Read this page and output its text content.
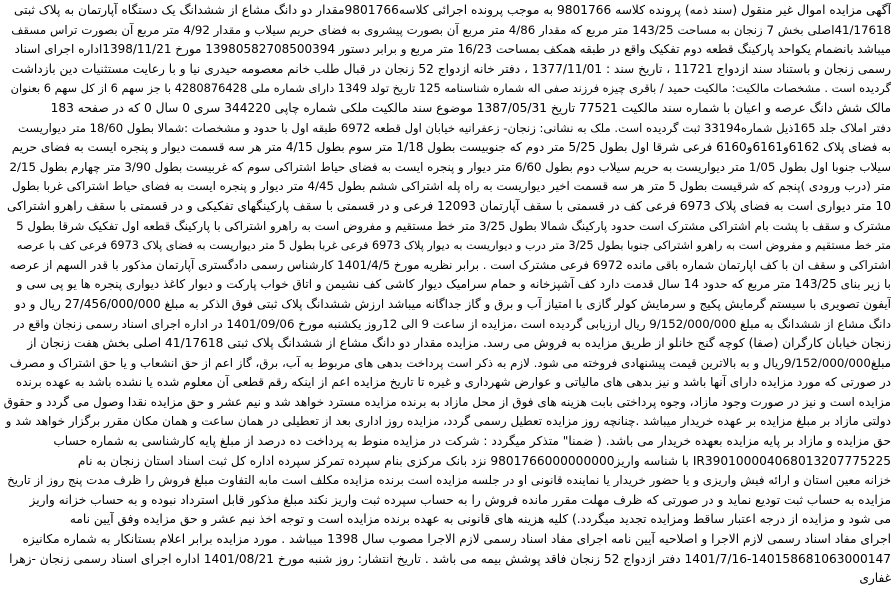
آگهی مزایده اموال غیر منقول (سند ذمه) پرونده کلاسه 9801766 به موجب پرونده اجرائی کلاسه9801766مقدار دو دانگ مشاع از ششدانگ یک دستگاه آپارتمان به پلاک ثبتی
41/17618اصلی بخش 7 زنجان به مساحت 143/25 متر مربع که مقدار 4/86 متر مربع آن بصورت پیشروی به فضای حریم سیلاب و مقدار 4/92 متر مربع آن بصورت تراس مسقف
میباشد بانضمام یکواحد پارکینگ قطعه دوم تفکیک واقع در طبقه همکف بمساحت 16/23 متر مربع و برابر دستور 13980582708500394 مورخ 1398/11/21اداره اجرای اسناد
رسمی زنجان و باستناد سند ازدواج 11721 ، تاریخ سند : 1377/11/01 ، دفتر خانه ازدواج 52 زنجان در قبال طلب خانم معصومه حیدری نیا و با رعایت مستثنیات دین بازداشت
گردیده است . مشخصات مالکیت: مالکیت حمید / باقری چیزه فرزند صفی اله شماره شناسنامه 125 تاریخ تولد 1349 دارای شماره ملی 4280876428 با جز سهم 6 از کل سهم 6 بعنوان
مالک شش دانگ عرصه و اعیان با شماره سند مالکیت 77521 تاریخ 1387/05/31 موضوع سند مالکیت ملکی شماره چاپی 344220 سری 0 سال 0 که در صفحه 183
دفتر املاک جلد 165ذیل شماره33194 ثبت گردیده است. ملک به نشانی: زنجان- زعفرانیه خیابان اول قطعه 6972 طبقه اول با حدود و مشخصات :شمالا بطول 18/60 متر دیواریست
به فضای پلاک 6162و6161و6160 فرعی شرقا اول بطول 5/25 متر دوم که جنوبیست بطول 1/18 متر سوم بطول 4/15 متر هر سه قسمت دیوار و پنجره ایست به فضای حریم
سیلاب جنوبا اول بطول 1/05 متر دیواریست به حریم سیلاب دوم بطول 6/60 متر دیوار و پنجره ایست به فضای حیاط اشتراکی سوم که غربیست بطول 3/90 متر چهارم بطول 2/15
متر (درب ورودی )پنجم که شرقیست بطول 5 متر هر سه قسمت اخیر دیواریست به راه پله اشتراکی ششم بطول 4/45 متر دیوار و پنجره ایست به فضای حیاط اشتراکی غربا بطول
10 متر دیواری است به فضای پلاک 6973 فرعی کف در قسمتی با سقف آپارتمان 12093 فرعی و در قسمتی با سقف پارکینگهای تفکیکی و در قسمتی با سقف راهرو اشتراکی
مشترک و سقف با پشت بام اشتراکی مشترک است حدود پارکینگ شمالا بطول 3/25 متر خط مستقیم و مفروض است به راهرو اشتراکی با پارکینگ قطعه اول تفکیک شرقا بطول 5
متر خط مستقیم و مفروض است به راهرو اشتراکی جنوبا بطول 3/25 متر درب و دیواریست به دیوار پلاک 6973 فرعی غربا بطول 5 متر دیواریست به فضای پلاک 6973 فرعی کف با عرصه
اشتراکی و سقف ان با کف اپارتمان شماره باقی مانده 6972 فرعی مشترک است . برابر نظریه مورخ 1401/4/5 کارشناس رسمی دادگستری آپارتمان مذکور با قدر السهم از عرصه
با زیر بنای 143/25 متر مربع که حدود 14 سال قدمت دارد کف آشپزخانه و حمام سرامیک دیوار کاشی کف نشیمن و اتاق خواب پارکت و دیوار کاغذ دیواری پنجره ها یو پی سی و
آیفون تصویری با سیستم گرمایش پکیج و سرمایش کولر گازی با امتیاز آب و برق و گاز جداگانه میباشد ارزش ششدانگ پلاک ثبتی فوق الذکر به مبلغ 27/456/000/000 ریال و دو
دانگ مشاع از ششدانگ به مبلغ 9/152/000/000 ریال ارزیابی گردیده است ،مزایده از ساعت 9 الی 12روز یکشنبه مورخ 1401/09/06 در اداره اجرای اسناد رسمی زنجان واقع در
زنجان خیابان کارگران (صفا) کوچه گنج خانلو از طریق مزایده به فروش می رسد. مزایده مقدار دو دانگ مشاع از ششدانگ پلاک ثبتی 41/17618 اصلی بخش هفت زنجان از
مبلغ9/152/000/000ریال و به بالاترین قیمت پیشنهادی فروخته می شود. لازم به ذکر است پرداخت بدهی های مربوط به آب، برق، گاز اعم از حق انشعاب و یا حق اشتراک و مصرف
در صورتی که مورد مزایده دارای آنها باشد و نیز بدهی های مالیاتی و عوارض شهرداری و غیره تا تاریخ مزایده اعم از اینکه رقم قطعی آن معلوم شده یا نشده باشد به عهده برنده
مزایده است و نیز در صورت وجود مازاد، وجوه پرداختی بابت هزینه های فوق از محل مازاد به برنده مزایده مسترد خواهد شد و نیم عشر و حق مزایده نقدا وصول می گردد و حقوق
دولتی مازاد بر مبلغ مزایده بر عهده خریدار میباشد .چنانچه روز مزایده تعطیل رسمی گردد، مزایده روز اداری بعد از تعطیلی در همان ساعت و همان مکان مقرر برگزار خواهد شد و
حق مزایده و مازاد بر پایه مزایده بعهده خریدار می باشد. ( ضمنا" متذکر میگردد : شرکت در مزایده منوط به پرداخت ده درصد از مبلغ پایه کارشناسی به شماره حساب
IR390100004068013207775225 با شناسه واریز9801766000000000 نزد بانک مرکزی بنام سپرده تمرکز سپرده اداره کل ثبت اسناد استان زنجان به نام
خزانه معین استان و ارائه فیش واریزی و یا حضور خریدار یا نماینده قانونی او در جلسه مزایده است برنده مزایده مکلف است مابه التفاوت مبلغ فروش را ظرف مدت پنج روز از تاریخ
مزایده به حساب ثبت تودیع نماید و در صورتی که ظرف مهلت مقرر مانده فروش را به حساب سپرده ثبت واریز نکند مبلغ مذکور قابل استرداد نبوده و به حساب خزانه واریز
می شود و مزایده از درجه اعتبار ساقط ومزایده تجدید میگردد.) کلیه هزینه های قانونی به عهده برنده مزایده است و توجه اخذ نیم عشر و حق مزایده وفق آیین نامه
اجرای مفاد اسناد رسمی لازم الاجرا و اصلاحیه آیین نامه اجرای مفاد اسناد رسمی لازم الاجرا مصوب سال 1398 میباشد . مورد مزایده برابر اعلام بستانکار به شماره مکانیزه
1401/7/16-140158681063000147 دفتر ازدواج 52 زنجان فاقد پوشش بیمه می باشد . تاریخ انتشار: روز شنبه مورخ 1401/08/21 اداره اجرای اسناد رسمی زنجان -زهرا
غفاری
